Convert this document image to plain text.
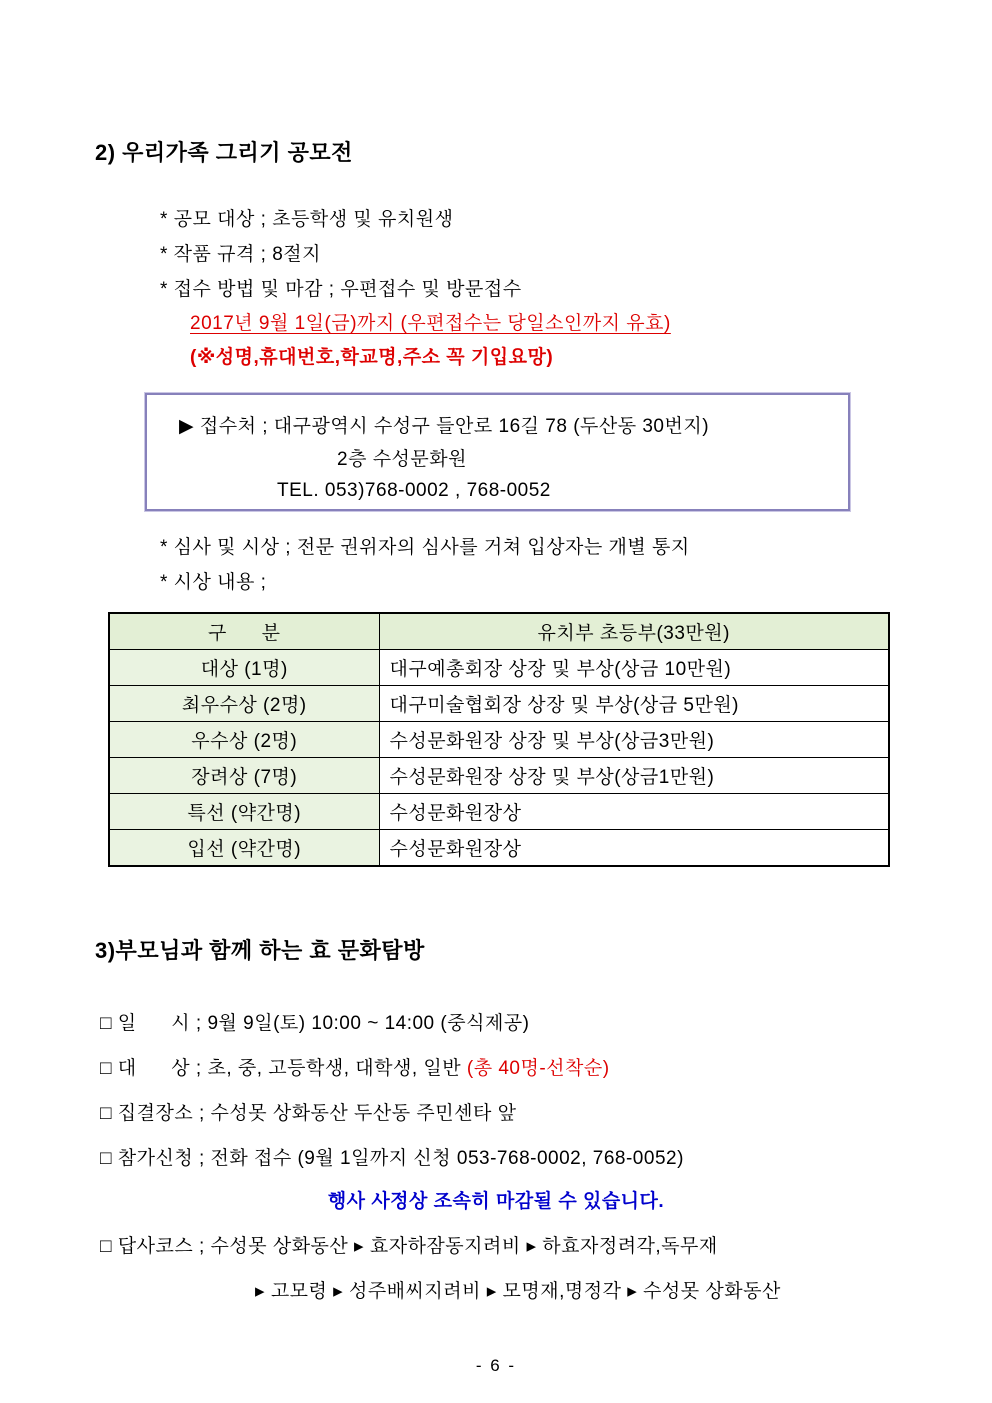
2) 우리가족 그리기 공모전
* 공모 대상 ; 초등학생 및 유치원생
* 작품 규격 ; 8절지
* 접수 방법 및 마감 ; 우편접수 및 방문접수
2017년 9월 1일(금)까지 (우편접수는 당일소인까지 유효)
(※성명,휴대번호,학교명,주소 꼭 기입요망)
▶ 접수처 ; 대구광역시 수성구 들안로 16길 78 (두산동 30번지)
2층 수성문화원
TEL. 053)768-0002 , 768-0052
* 심사 및 시상 ; 전문 권위자의 심사를 거쳐 입상자는 개별 통지
* 시상 내용 ;
구      분	유치부 초등부(33만원)
대상 (1명)	대구예총회장 상장 및 부상(상금 10만원)
최우수상 (2명)	대구미술협회장 상장 및 부상(상금 5만원)
우수상 (2명)	수성문화원장 상장 및 부상(상금3만원)
장려상 (7명)	수성문화원장 상장 및 부상(상금1만원)
특선 (약간명)	수성문화원장상
입선 (약간명)	수성문화원장상
3)부모님과 함께 하는 효 문화탐방
□ 일      시 ; 9월 9일(토) 10:00 ~ 14:00 (중식제공)
□ 대      상 ; 초, 중, 고등학생, 대학생, 일반 (총 40명-선착순)
□ 집결장소 ; 수성못 상화동산 두산동 주민센타 앞
□ 참가신청 ; 전화 접수 (9월 1일까지 신청 053-768-0002, 768-0052)
행사 사정상 조속히 마감될 수 있습니다.
□ 답사코스 ; 수성못 상화동산 ▸ 효자하잠동지려비 ▸ 하효자정려각,독무재
▸ 고모령 ▸ 성주배씨지려비 ▸ 모명재,명정각 ▸ 수성못 상화동산
- 6 -
